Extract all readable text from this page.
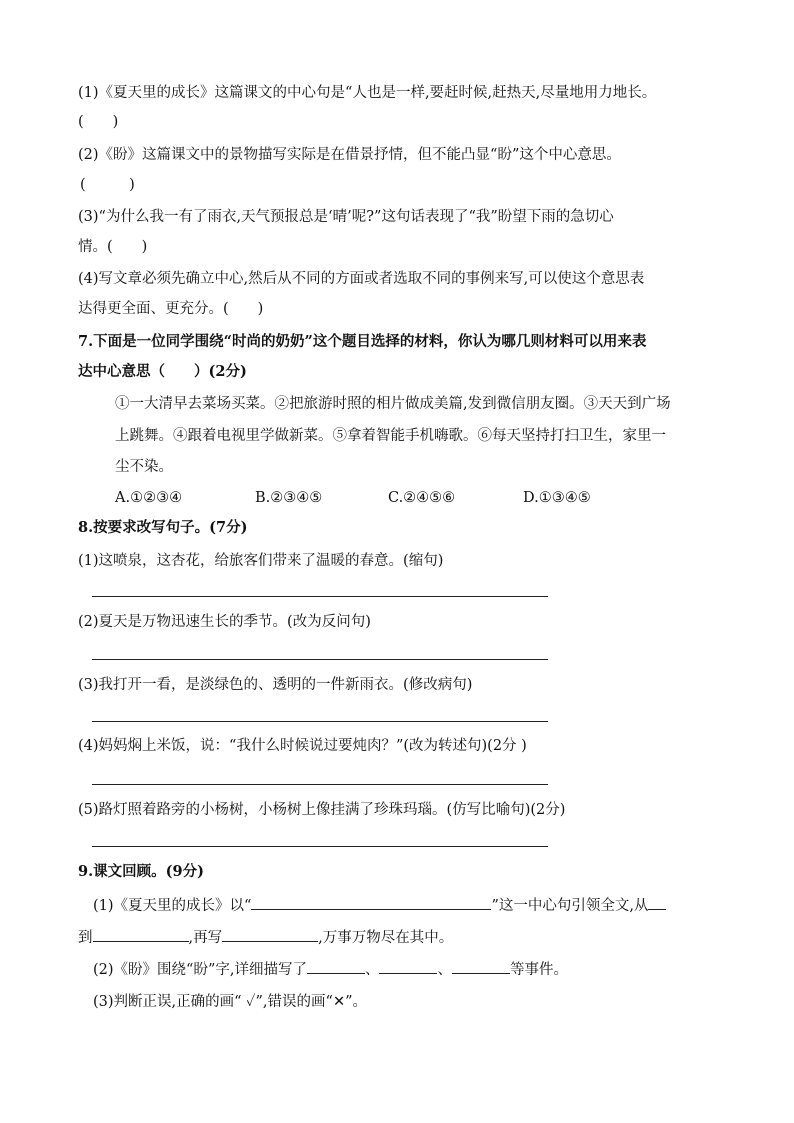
(1)《夏天里的成长》这篇课文的中心句是“人也是一样,要赶时候,赶热天,尽量地用力地长。
(　　)
(2)《盼》这篇课文中的景物描写实际是在借景抒情，但不能凸显“盼”这个中心意思。
(　　　)
(3)“为什么我一有了雨衣,天气预报总是‘晴’呢?”这句话表现了“我”盼望下雨的急切心
情。(　　)
(4)写文章必须先确立中心,然后从不同的方面或者选取不同的事例来写,可以使这个意思表
达得更全面、更充分。(　　)
7.下面是一位同学围绕“时尚的奶奶”这个题目选择的材料，你认为哪几则材料可以用来表
达中心意思（　　）(2分)
①一大清早去菜场买菜。②把旅游时照的相片做成美篇,发到微信朋友圈。③天天到广场
上跳舞。④跟着电视里学做新菜。⑤拿着智能手机嗨歌。⑥每天坚持打扫卫生，家里一
尘不染。
A.①②③④	B.②③④⑤	C.②④⑤⑥	D.①③④⑤
8.按要求改写句子。(7分)
(1)这喷泉，这杏花，给旅客们带来了温暖的春意。(缩句)
(2)夏天是万物迅速生长的季节。(改为反问句)
(3)我打开一看，是淡绿色的、透明的一件新雨衣。(修改病句)
(4)妈妈焖上米饭，说：“我什么时候说过要炖肉？”(改为转述句)(2分 )
(5)路灯照着路旁的小杨树，小杨树上像挂满了珍珠玛瑙。(仿写比喻句)(2分)
9.课文回顾。(9分)
(1)《夏天里的成长》以“	”这一中心句引领全文,从
到	,再写	,万事万物尽在其中。
(2)《盼》围绕“盼”字,详细描写了	、	、	等事件。
(3)判断正误,正确的画“ ✓”,错误的画“✕”。
